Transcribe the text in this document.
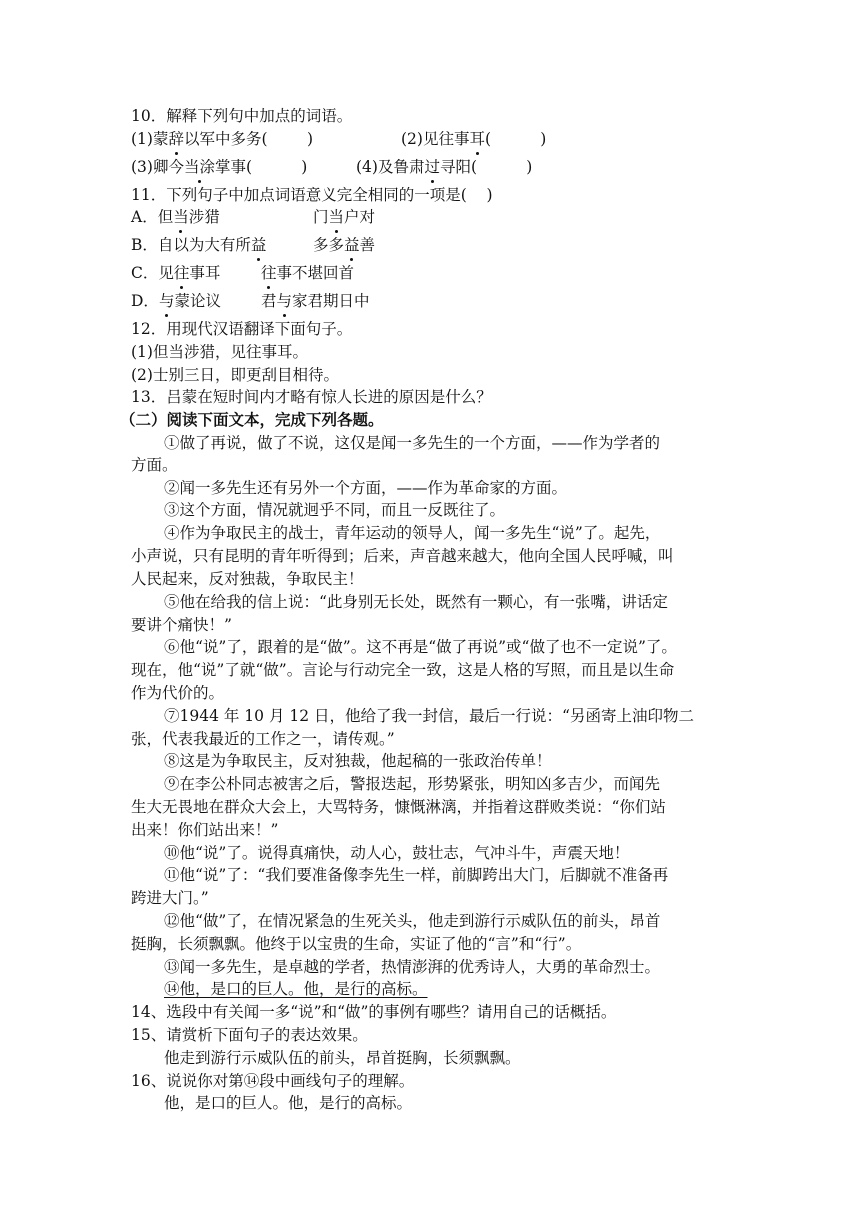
10．解释下列句中加点的词语。
(1)蒙辞以军中多务(        )	(2)见往事耳(          )
(3)卿今当涂掌事(          )	(4)及鲁肃过寻阳(          )
11．下列句子中加点词语意义完全相同的一项是(    )
A．但当涉猎	门当户对
B．自以为大有所益	多多益善
C．见往事耳	往事不堪回首
D．与蒙论议	君与家君期日中
12．用现代汉语翻译下面句子。
(1)但当涉猎，见往事耳。
(2)士别三日，即更刮目相待。
13．吕蒙在短时间内才略有惊人长进的原因是什么？
（二）阅读下面文本，完成下列各题。
①做了再说，做了不说，这仅是闻一多先生的一个方面，——作为学者的
方面。
②闻一多先生还有另外一个方面，——作为革命家的方面。
③这个方面，情况就迥乎不同，而且一反既往了。
④作为争取民主的战士，青年运动的领导人，闻一多先生“说”了。起先，
小声说，只有昆明的青年听得到；后来，声音越来越大，他向全国人民呼喊，叫
人民起来，反对独裁，争取民主！
⑤他在给我的信上说：“此身别无长处，既然有一颗心，有一张嘴，讲话定
要讲个痛快！”
⑥他“说”了，跟着的是“做”。这不再是“做了再说”或“做了也不一定说”了。
现在，他“说”了就“做”。言论与行动完全一致，这是人格的写照，而且是以生命
作为代价的。
⑦1944 年 10 月 12 日，他给了我一封信，最后一行说：“另函寄上油印物二
张，代表我最近的工作之一，请传观。”
⑧这是为争取民主，反对独裁，他起稿的一张政治传单！
⑨在李公朴同志被害之后，警报迭起，形势紧张，明知凶多吉少，而闻先
生大无畏地在群众大会上，大骂特务，慷慨淋漓，并指着这群败类说：“你们站
出来！你们站出来！”
⑩他“说”了。说得真痛快，动人心，鼓壮志，气冲斗牛，声震天地！
⑪他“说”了：“我们要准备像李先生一样，前脚跨出大门，后脚就不准备再
跨进大门。”
⑫他“做”了，在情况紧急的生死关头，他走到游行示威队伍的前头，昂首
挺胸，长须飘飘。他终于以宝贵的生命，实证了他的“言”和“行”。
⑬闻一多先生，是卓越的学者，热情澎湃的优秀诗人，大勇的革命烈士。
⑭他，是口的巨人。他，是行的高标。
14、选段中有关闻一多“说”和“做”的事例有哪些？请用自己的话概括。
15、请赏析下面句子的表达效果。
他走到游行示威队伍的前头，昂首挺胸，长须飘飘。
16、说说你对第⑭段中画线句子的理解。
他，是口的巨人。他，是行的高标。
